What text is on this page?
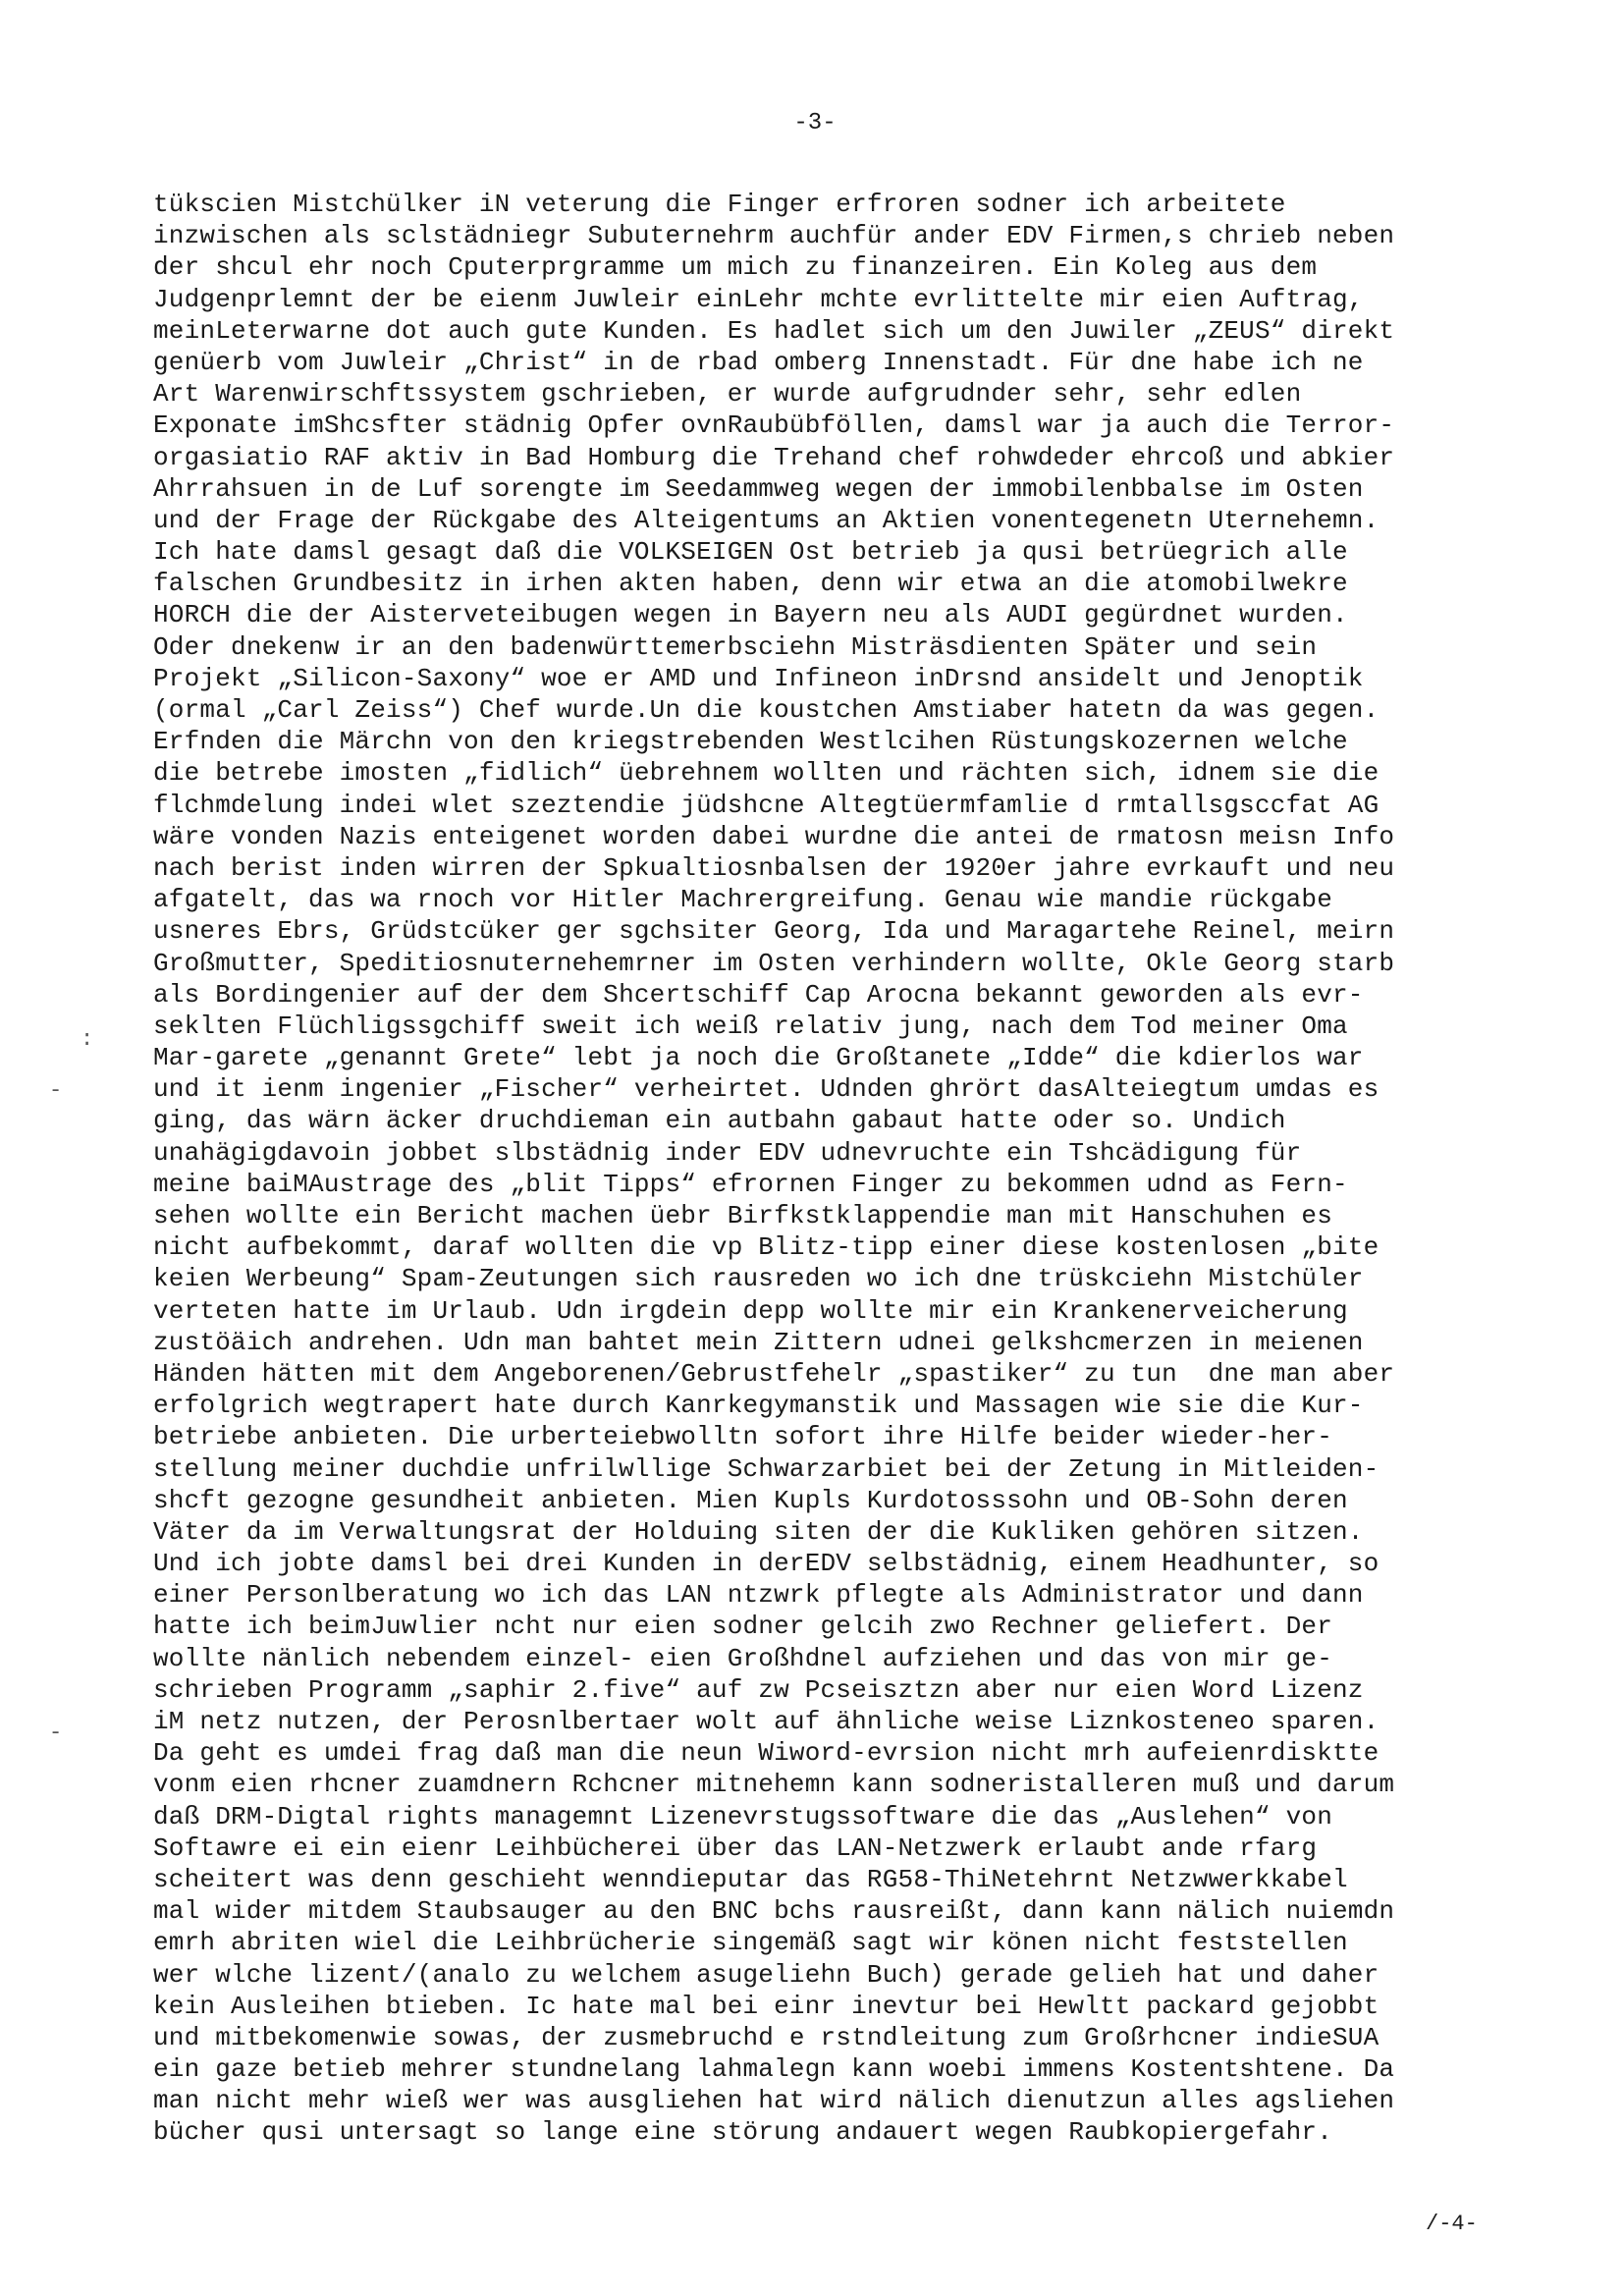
-3-
:
-
-
tükscien Mistchülker iN veterung die Finger erfroren sodner ich arbeitete
inzwischen als sclstädniegr Subuternehrm auchfür ander EDV Firmen,s chrieb neben
der shcul ehr noch Cputerprgramme um mich zu finanzeiren. Ein Koleg aus dem
Judgenprlemnt der be eienm Juwleir einLehr mchte evrlittelte mir eien Auftrag,
meinLeterwarne dot auch gute Kunden. Es hadlet sich um den Juwiler „ZEUS“ direkt
genüerb vom Juwleir „Christ“ in de rbad omberg Innenstadt. Für dne habe ich ne
Art Warenwirschftssystem gschrieben, er wurde aufgrudnder sehr, sehr edlen
Exponate imShcsfter städnig Opfer ovnRaubübföllen, damsl war ja auch die Terror-
orgasiatio RAF aktiv in Bad Homburg die Trehand chef rohwdeder ehrcoß und abkier
Ahrrahsuen in de Luf sorengte im Seedammweg wegen der immobilenbbalse im Osten
und der Frage der Rückgabe des Alteigentums an Aktien vonentegenetn Uternehemn.
Ich hate damsl gesagt daß die VOLKSEIGEN Ost betrieb ja qusi betrüegrich alle
falschen Grundbesitz in irhen akten haben, denn wir etwa an die atomobilwekre
HORCH die der Aisterveteibugen wegen in Bayern neu als AUDI gegürdnet wurden.
Oder dnekenw ir an den badenwürttemerbsciehn Misträsdienten Später und sein
Projekt „Silicon-Saxony“ woe er AMD und Infineon inDrsnd ansidelt und Jenoptik
(ormal „Carl Zeiss“) Chef wurde.Un die koustchen Amstiaber hatetn da was gegen.
Erfnden die Märchn von den kriegstrebenden Westlcihen Rüstungskozernen welche
die betrebe imosten „fidlich“ üebrehnem wollten und rächten sich, idnem sie die
flchmdelung indei wlet szeztendie jüdshcne Altegtüermfamlie d rmtallsgsccfat AG
wäre vonden Nazis enteigenet worden dabei wurdne die antei de rmatosn meisn Info
nach berist inden wirren der Spkualtiosnbalsen der 1920er jahre evrkauft und neu
afgatelt, das wa rnoch vor Hitler Machrergreifung. Genau wie mandie rückgabe
usneres Ebrs, Grüdstcüker ger sgchsiter Georg, Ida und Maragartehe Reinel, meirn
Großmutter, Speditiosnuternehemrner im Osten verhindern wollte, Okle Georg starb
als Bordingenier auf der dem Shcertschiff Cap Arocna bekannt geworden als evr-
seklten Flüchligssgchiff sweit ich weiß relativ jung, nach dem Tod meiner Oma
Mar-garete „genannt Grete“ lebt ja noch die Großtanete „Idde“ die kdierlos war
und it ienm ingenier „Fischer“ verheirtet. Udnden ghrört dasAlteiegtum umdas es
ging, das wärn äcker druchdieman ein autbahn gabaut hatte oder so. Undich
unahägigdavoin jobbet slbstädnig inder EDV udnevruchte ein Tshcädigung für
meine baiMAustrage des „blit Tipps“ efrornen Finger zu bekommen udnd as Fern-
sehen wollte ein Bericht machen üebr Birfkstklappendie man mit Hanschuhen es
nicht aufbekommt, daraf wollten die vp Blitz-tipp einer diese kostenlosen „bite
keien Werbeung“ Spam-Zeutungen sich rausreden wo ich dne trüskciehn Mistchüler
verteten hatte im Urlaub. Udn irgdein depp wollte mir ein Krankenerveicherung
zustöäich andrehen. Udn man bahtet mein Zittern udnei gelkshcmerzen in meienen
Händen hätten mit dem Angeborenen/Gebrustfehelr „spastiker“ zu tun  dne man aber
erfolgrich wegtrapert hate durch Kanrkegymanstik und Massagen wie sie die Kur-
betriebe anbieten. Die urberteiebwolltn sofort ihre Hilfe beider wieder-her-
stellung meiner duchdie unfrilwllige Schwarzarbiet bei der Zetung in Mitleiden-
shcft gezogne gesundheit anbieten. Mien Kupls Kurdotosssohn und OB-Sohn deren
Väter da im Verwaltungsrat der Holduing siten der die Kukliken gehören sitzen.
Und ich jobte damsl bei drei Kunden in derEDV selbstädnig, einem Headhunter, so
einer Personlberatung wo ich das LAN ntzwrk pflegte als Administrator und dann
hatte ich beimJuwlier ncht nur eien sodner gelcih zwo Rechner geliefert. Der
wollte nänlich nebendem einzel- eien Großhdnel aufziehen und das von mir ge-
schrieben Programm „saphir 2.five“ auf zw Pcseisztzn aber nur eien Word Lizenz
iM netz nutzen, der Perosnlbertaer wolt auf ähnliche weise Liznkosteneo sparen.
Da geht es umdei frag daß man die neun Wiword-evrsion nicht mrh aufeienrdisktte
vonm eien rhcner zuamdnern Rchcner mitnehemn kann sodneristalleren muß und darum
daß DRM-Digtal rights managemnt Lizenevrstugssoftware die das „Auslehen“ von
Softawre ei ein eienr Leihbücherei über das LAN-Netzwerk erlaubt ande rfarg
scheitert was denn geschieht wenndieputar das RG58-ThiNetehrnt Netzwwerkkabel
mal wider mitdem Staubsauger au den BNC bchs rausreißt, dann kann nälich nuiemdn
emrh abriten wiel die Leihbrücherie singemäß sagt wir könen nicht feststellen
wer wlche lizent/(analo zu welchem asugeliehn Buch) gerade gelieh hat und daher
kein Ausleihen btieben. Ic hate mal bei einr inevtur bei Hewltt packard gejobbt
und mitbekomenwie sowas, der zusmebruchd e rstndleitung zum Großrhcner indieSUA
ein gaze betieb mehrer stundnelang lahmalegn kann woebi immens Kostentshtene. Da
man nicht mehr wieß wer was ausgliehen hat wird nälich dienutzun alles agsliehen
bücher qusi untersagt so lange eine störung andauert wegen Raubkopiergefahr.
/-4-
